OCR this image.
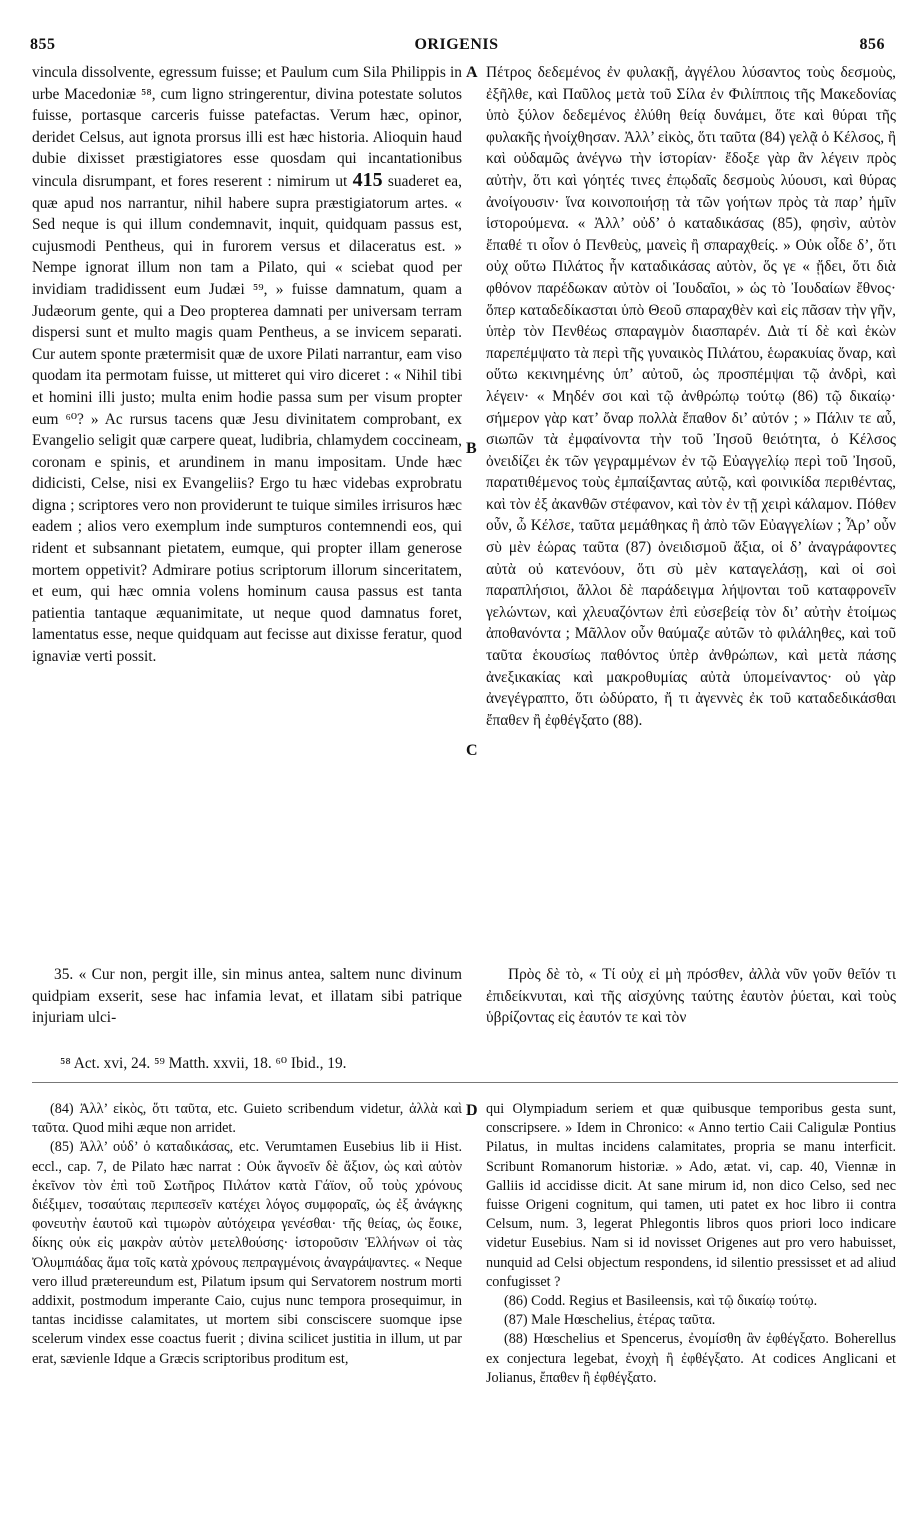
855	ORIGENIS	856
A
B
C
D

vincula dissolvente, egressum fuisse; et Paulum cum Sila Philippis in urbe Macedoniæ ⁵⁸, cum ligno stringerentur, divina potestate solutos fuisse, portasque carceris fuisse patefactas. Verum hæc, opinor, deridet Celsus, aut ignota prorsus illi est hæc historia. Alioquin haud dubie dixisset præstigiatores esse quosdam qui incantationibus vincula disrumpant, et fores reserent : nimirum ut 415 suaderet ea, quæ apud nos narrantur, nihil habere supra præstigiatorum artes. « Sed neque is qui illum condemnavit, inquit, quidquam passus est, cujusmodi Pentheus, qui in furorem versus et dilaceratus est. » Nempe ignorat illum non tam a Pilato, qui « sciebat quod per invidiam tradidissent eum Judæi ⁵⁹, » fuisse damnatum, quam a Judæorum gente, qui a Deo propterea damnati per universam terram dispersi sunt et multo magis quam Pentheus, a se invicem separati. Cur autem sponte prætermisit quæ de uxore Pilati narrantur, eam viso quodam ita permotam fuisse, ut mitteret qui viro diceret : « Nihil tibi et homini illi justo; multa enim hodie passa sum per visum propter eum ⁶⁰? » Ac rursus tacens quæ Jesu divinitatem comprobant, ex Evangelio seligit quæ carpere queat, ludibria, chlamydem coccineam, coronam e spinis, et arundinem in manu impositam. Unde hæc didicisti, Celse, nisi ex Evangeliis? Ergo tu hæc videbas exprobratu digna ; scriptores vero non providerunt te tuique similes irrisuros hæc eadem ; alios vero exemplum inde sumpturos contemnendi eos, qui rident et subsannant pietatem, eumque, qui propter illam generose mortem oppetivit? Admirare potius scriptorum illorum sinceritatem, et eum, qui hæc omnia volens hominum causa passus est tanta patientia tantaque æquanimitate, ut neque quod damnatus foret, lamentatus esse, neque quidquam aut fecisse aut dixisse feratur, quod ignaviæ verti possit.

Πέτρος δεδεμένος ἐν φυλακῇ, ἀγγέλου λύσαντος τοὺς δεσμοὺς, ἐξῆλθε, καὶ Παῦλος μετὰ τοῦ Σίλα ἐν Φιλίπποις τῆς Μακεδονίας ὑπὸ ξύλον δεδεμένος ἐλύθη θείᾳ δυνάμει, ὅτε καὶ θύραι τῆς φυλακῆς ἠνοίχθησαν. Ἀλλ’ εἰκὸς, ὅτι ταῦτα (84) γελᾷ ὁ Κέλσος, ἢ καὶ οὐδαμῶς ἀνέγνω τὴν ἱστορίαν· ἔδοξε γὰρ ἂν λέγειν πρὸς αὐτὴν, ὅτι καὶ γόητές τινες ἐπῳδαῖς δεσμοὺς λύουσι, καὶ θύρας ἀνοίγουσιν· ἵνα κοινοποιήσῃ τὰ τῶν γοήτων πρὸς τὰ παρ’ ἡμῖν ἱστορούμενα. « Ἀλλ’ οὐδ’ ὁ καταδικάσας (85), φησὶν, αὐτὸν ἔπαθέ τι οἷον ὁ Πενθεὺς, μανεὶς ἢ σπαραχθείς. » Οὐκ οἶδε δ’, ὅτι οὐχ οὕτω Πιλάτος ἦν καταδικάσας αὐτὸν, ὅς γε « ᾔδει, ὅτι διὰ φθόνον παρέδωκαν αὐτὸν οἱ Ἰουδαῖοι, » ὡς τὸ Ἰουδαίων ἔθνος· ὅπερ καταδεδίκασται ὑπὸ Θεοῦ σπαραχθὲν καὶ εἰς πᾶσαν τὴν γῆν, ὑπὲρ τὸν Πενθέως σπαραγμὸν διασπαρέν. Διὰ τί δὲ καὶ ἑκὼν παρεπέμψατο τὰ περὶ τῆς γυναικὸς Πιλάτου, ἑωρακυίας ὄναρ, καὶ οὕτω κεκινημένης ὑπ’ αὐτοῦ, ὡς προσπέμψαι τῷ ἀνδρὶ, καὶ λέγειν· « Μηδέν σοι καὶ τῷ ἀνθρώπῳ τούτῳ (86) τῷ δικαίῳ· σήμερον γὰρ κατ’ ὄναρ πολλὰ ἔπαθον δι’ αὐτόν ; » Πάλιν τε αὖ, σιωπῶν τὰ ἐμφαίνοντα τὴν τοῦ Ἰησοῦ θειότητα, ὁ Κέλσος ὀνειδίζει ἐκ τῶν γεγραμμένων ἐν τῷ Εὐαγγελίῳ περὶ τοῦ Ἰησοῦ, παρατιθέμενος τοὺς ἐμπαίξαντας αὐτῷ, καὶ φοινικίδα περιθέντας, καὶ τὸν ἐξ ἀκανθῶν στέφανον, καὶ τὸν ἐν τῇ χειρὶ κάλαμον. Πόθεν οὖν, ὦ Κέλσε, ταῦτα μεμάθηκας ἢ ἀπὸ τῶν Εὐαγγελίων ; Ἆρ’ οὖν σὺ μὲν ἑώρας ταῦτα (87) ὀνειδισμοῦ ἄξια, οἱ δ’ ἀναγράφοντες αὐτὰ οὐ κατενόουν, ὅτι σὺ μὲν καταγελάσῃ, καὶ οἱ σοὶ παραπλήσιοι, ἄλλοι δὲ παράδειγμα λήψονται τοῦ καταφρονεῖν γελώντων, καὶ χλευαζόντων ἐπὶ εὐσεβείᾳ τὸν δι’ αὐτὴν ἑτοίμως ἀποθανόντα ; Μᾶλλον οὖν θαύμαζε αὐτῶν τὸ φιλάληθες, καὶ τοῦ ταῦτα ἑκουσίως παθόντος ὑπὲρ ἀνθρώπων, καὶ μετὰ πάσης ἀνεξικακίας καὶ μακροθυμίας αὐτὰ ὑπομείναντος· οὐ γὰρ ἀνεγέγραπτο, ὅτι ὠδύρατο, ἤ τι ἀγεννὲς ἐκ τοῦ καταδεδικάσθαι ἔπαθεν ἢ ἐφθέγξατο (88).

35. « Cur non, pergit ille, sin minus antea, saltem nunc divinum quidpiam exserit, sese hac infamia levat, et illatam sibi patrique injuriam ulci-
Πρὸς δὲ τὸ, « Τί οὐχ εἰ μὴ πρόσθεν, ἀλλὰ νῦν γοῦν θεῖόν τι ἐπιδείκνυται, καὶ τῆς αἰσχύνης ταύτης ἑαυτὸν ῥύεται, καὶ τοὺς ὑβρίζοντας εἰς ἑαυτόν τε καὶ τὸν
⁵⁸ Act. xvi, 24. ⁵⁹ Matth. xxvii, 18. ⁶⁰ Ibid., 19.

(84) Ἀλλ’ εἰκὸς, ὅτι ταῦτα, etc. Guieto scribendum videtur, ἀλλὰ καὶ ταῦτα. Quod mihi æque non arridet.

(85) Ἀλλ’ οὐδ’ ὁ καταδικάσας, etc. Verumtamen Eusebius lib ii Hist. eccl., cap. 7, de Pilato hæc narrat : Οὐκ ἄγνοεῖν δὲ ἄξιον, ὡς καὶ αὐτὸν ἐκεῖνον τὸν ἐπὶ τοῦ Σωτῆρος Πιλάτον κατὰ Γάϊον, οὗ τοὺς χρόνους διέξιμεν, τοσαύταις περιπεσεῖν κατέχει λόγος συμφοραῖς, ὡς ἐξ ἀνάγκης φονευτὴν ἑαυτοῦ καὶ τιμωρὸν αὐτόχειρα γενέσθαι· τῆς θείας, ὡς ἔοικε, δίκης οὐκ εἰς μακρὰν αὐτὸν μετελθούσης· ἱστοροῦσιν Ἑλλήνων οἱ τὰς Ὀλυμπιάδας ἅμα τοῖς κατὰ χρόνους πεπραγμένοις ἀναγράψαντες. « Neque vero illud prætereundum est, Pilatum ipsum qui Servatorem nostrum morti addixit, postmodum imperante Caio, cujus nunc tempora prosequimur, in tantas incidisse calamitates, ut mortem sibi consciscere suomque ipse scelerum vindex esse coactus fuerit ; divina scilicet justitia in illum, ut par erat, sævienle Idque a Græcis scriptoribus proditum est,

qui Olympiadum seriem et quæ quibusque temporibus gesta sunt, conscripsere. » Idem in Chronico: « Anno tertio Caii Caligulæ Pontius Pilatus, in multas incidens calamitates, propria se manu interficit. Scribunt Romanorum historiæ. » Ado, ætat. vi, cap. 40, Viennæ in Galliis id accidisse dicit. At sane mirum id, non dico Celso, sed nec fuisse Origeni cognitum, qui tamen, uti patet ex hoc libro ii contra Celsum, num. 3, legerat Phlegontis libros quos priori loco indicare videtur Eusebius. Nam si id novisset Origenes aut pro vero habuisset, nunquid ad Celsi objectum respondens, id silentio pressisset et ad aliud confugisset ?

(86) Codd. Regius et Basileensis, καὶ τῷ δικαίῳ τούτῳ.

(87) Male Hœschelius, ἑτέρας ταῦτα.

(88) Hœschelius et Spencerus, ἐνομίσθη ἂν ἐφθέγξατο. Boherellus ex conjectura legebat, ἐνοχὴ ἢ ἐφθέγξατο. At codices Anglicani et Jolianus, ἔπαθεν ἢ ἐφθέγξατο.
